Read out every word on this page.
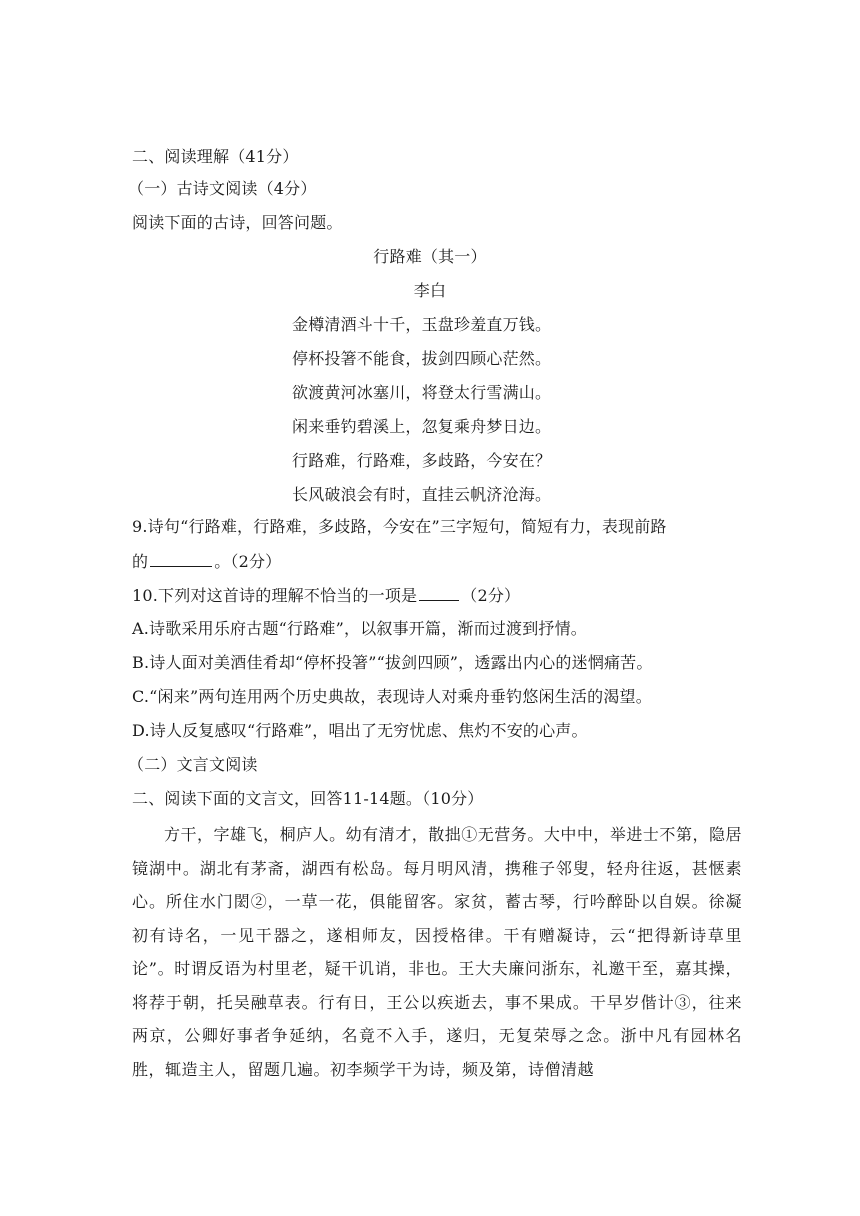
二、阅读理解（41分）
（一）古诗文阅读（4分）
阅读下面的古诗，回答问题。
行路难（其一）
李白
金樽清酒斗十千，玉盘珍羞直万钱。
停杯投箸不能食，拔剑四顾心茫然。
欲渡黄河冰塞川，将登太行雪满山。
闲来垂钓碧溪上，忽复乘舟梦日边。
行路难，行路难，多歧路，今安在？
长风破浪会有时，直挂云帆济沧海。
9.诗句“行路难，行路难，多歧路，今安在”三字短句，简短有力，表现前路
的	。（2分）
10.下列对这首诗的理解不恰当的一项是	（2分）
A.诗歌采用乐府古题“行路难”，以叙事开篇，渐而过渡到抒情。
B.诗人面对美酒佳肴却“停杯投箸”“拔剑四顾”，透露出内心的迷惘痛苦。
C.“闲来”两句连用两个历史典故，表现诗人对乘舟垂钓悠闲生活的渴望。
D.诗人反复感叹“行路难”，唱出了无穷忧虑、焦灼不安的心声。
（二）文言文阅读
二、阅读下面的文言文，回答11-14题。（10分）

方干，字雄飞，桐庐人。幼有清才，散拙①无营务。大中中，举进士不第，隐居镜湖中。湖北有茅斋，湖西有松岛。每月明风清，携稚子邻叟，轻舟往返，甚惬素心。所住水门閎②，一草一花，俱能留客。家贫，蓄古琴，行吟醉卧以自娱。徐凝初有诗名，一见干器之，遂相师友，因授格律。干有赠凝诗，云“把得新诗草里论”。时谓反语为村里老，疑干讥诮，非也。王大夫廉问浙东，礼邀干至，嘉其操，将荐于朝，托吴融草表。行有日，王公以疾逝去，事不果成。干早岁偕计③，往来两京，公卿好事者争延纳，名竟不入手，遂归，无复荣辱之念。浙中凡有园林名胜，辄造主人，留题几遍。初李频学干为诗，频及第，诗僧清越
